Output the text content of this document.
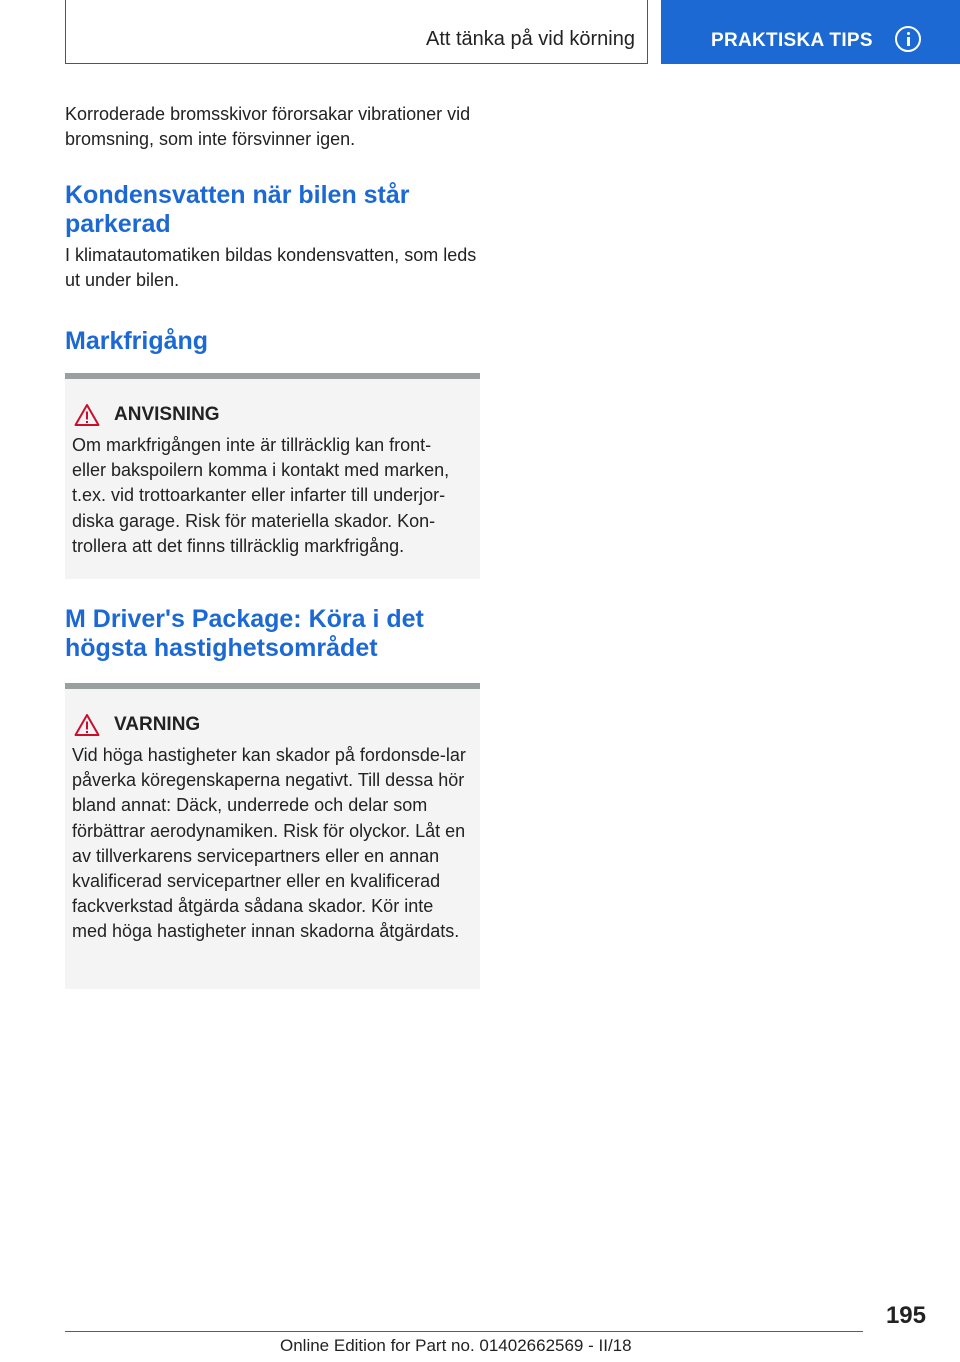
Att tänka på vid körning	PRAKTISKA TIPS

Korroderade bromsskivor förorsakar vibrationer vid bromsning, som inte försvinner igen.

Kondensvatten när bilen står parkerad

I klimatautomatiken bildas kondensvatten, som leds ut under bilen.

Markfrigång
ANVISNING

Om markfrigången inte är tillräcklig kan front- eller bakspoilern komma i kontakt med marken, t.ex. vid trottoarkanter eller infarter till underjor-diska garage. Risk för materiella skador. Kon-trollera att det finns tillräcklig markfrigång.

M Driver's Package: Köra i det högsta hastighetsområdet
VARNING

Vid höga hastigheter kan skador på fordonsde-lar påverka köregenskaperna negativt. Till dessa hör bland annat: Däck, underrede och delar som förbättrar aerodynamiken. Risk för olyckor. Låt en av tillverkarens servicepartners eller en annan kvalificerad servicepartner eller en kvalificerad fackverkstad åtgärda sådana skador. Kör inte med höga hastigheter innan skadorna åtgärdats.

195
Online Edition for Part no. 01402662569 - II/18
